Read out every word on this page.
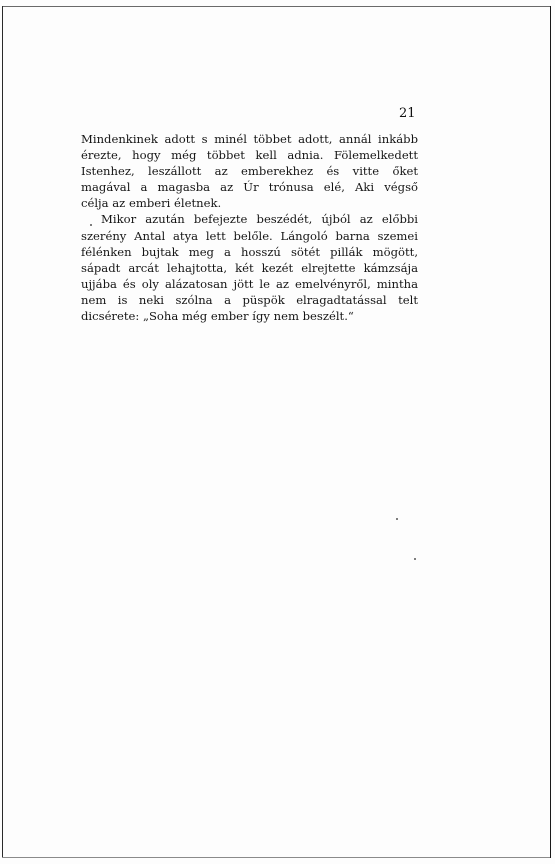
21
Mindenkinek adott s minél többet adott, annál inkább
érezte, hogy még többet kell adnia. Fölemelkedett
Istenhez, leszállott az emberekhez és vitte őket
magával a magasba az Úr trónusa elé, Aki végső
célja az emberi életnek.
Mikor azután befejezte beszédét, újból az előbbi
szerény Antal atya lett belőle. Lángoló barna szemei
félénken bujtak meg a hosszú sötét pillák mögött,
sápadt arcát lehajtotta, két kezét elrejtette kámzsája
ujjába és oly alázatosan jött le az emelvényről, mintha
nem is neki szólna a püspök elragadtatással telt
dicsérete: „Soha még ember így nem beszélt.“
